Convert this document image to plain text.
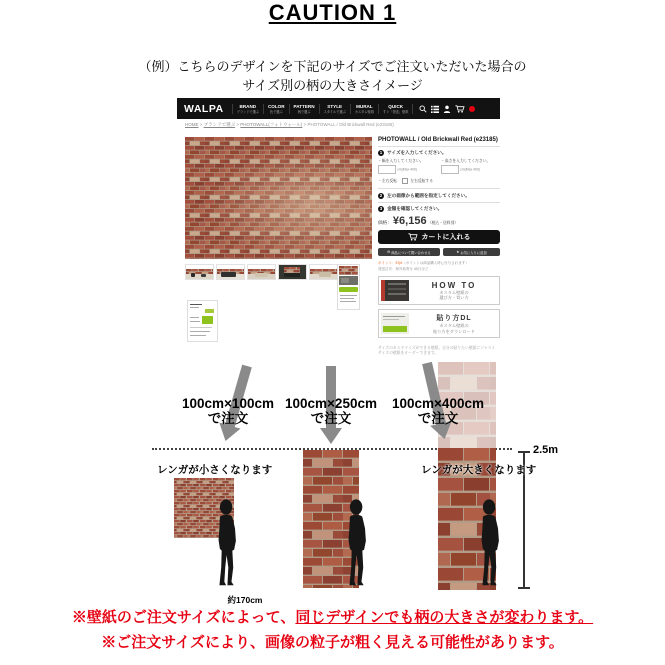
CAUTION 1
（例）こちらのデザインを下記のサイズでご注文いただいた場合の
サイズ別の柄の大きさイメージ
WALPA	BRAND
ブランドで選ぶ
COLOR
色で選ぶ
PATTERN
柄で選ぶ
STYLE
スタイルで選ぶ
MURAL
カスタム壁紙
QUICK
すぐ「発送」壁紙
HOME > ブランドで選ぶ > PHOTOWALL(フォトウォール) > PHOTOWALL / Old Brickwall Red (e23185)
PHOTOWALL / Old Brickwall Red (e23185)
1 サイズを入力してください。
・幅を入力してください。
cm(Max 400)
・高さを入力してください。
cm(Max 400)
・左右反転	左右反転する
2 左の画像から範囲を指定してください。
3 金額を確認してください。
価格： ¥6,156 （税込・送料別）
カートに入れる
✉ 商品について問い合わせる	★ お気に入りに追加
ポイント：57pt（ポイントは商品購入時に付与されます）
発送目安：海外取寄せ 40日ほど
HOW TO
カスタム壁紙の
選び方・買い方
貼り方DL
カスタム壁紙の
貼り方をダウンロード
サイズのカスタマイズができる壁紙。自分の貼りたい壁面にジャストサイズの壁紙をオーダーできます。
100cm×100cm
で注文
100cm×250cm
で注文
100cm×400cm
で注文
2.5m
レンガが小さくなります	レンガが大きくなります
約170cm
※壁紙のご注文サイズによって、同じデザインでも柄の大きさが変わります。
※ご注文サイズにより、画像の粒子が粗く見える可能性があります。
